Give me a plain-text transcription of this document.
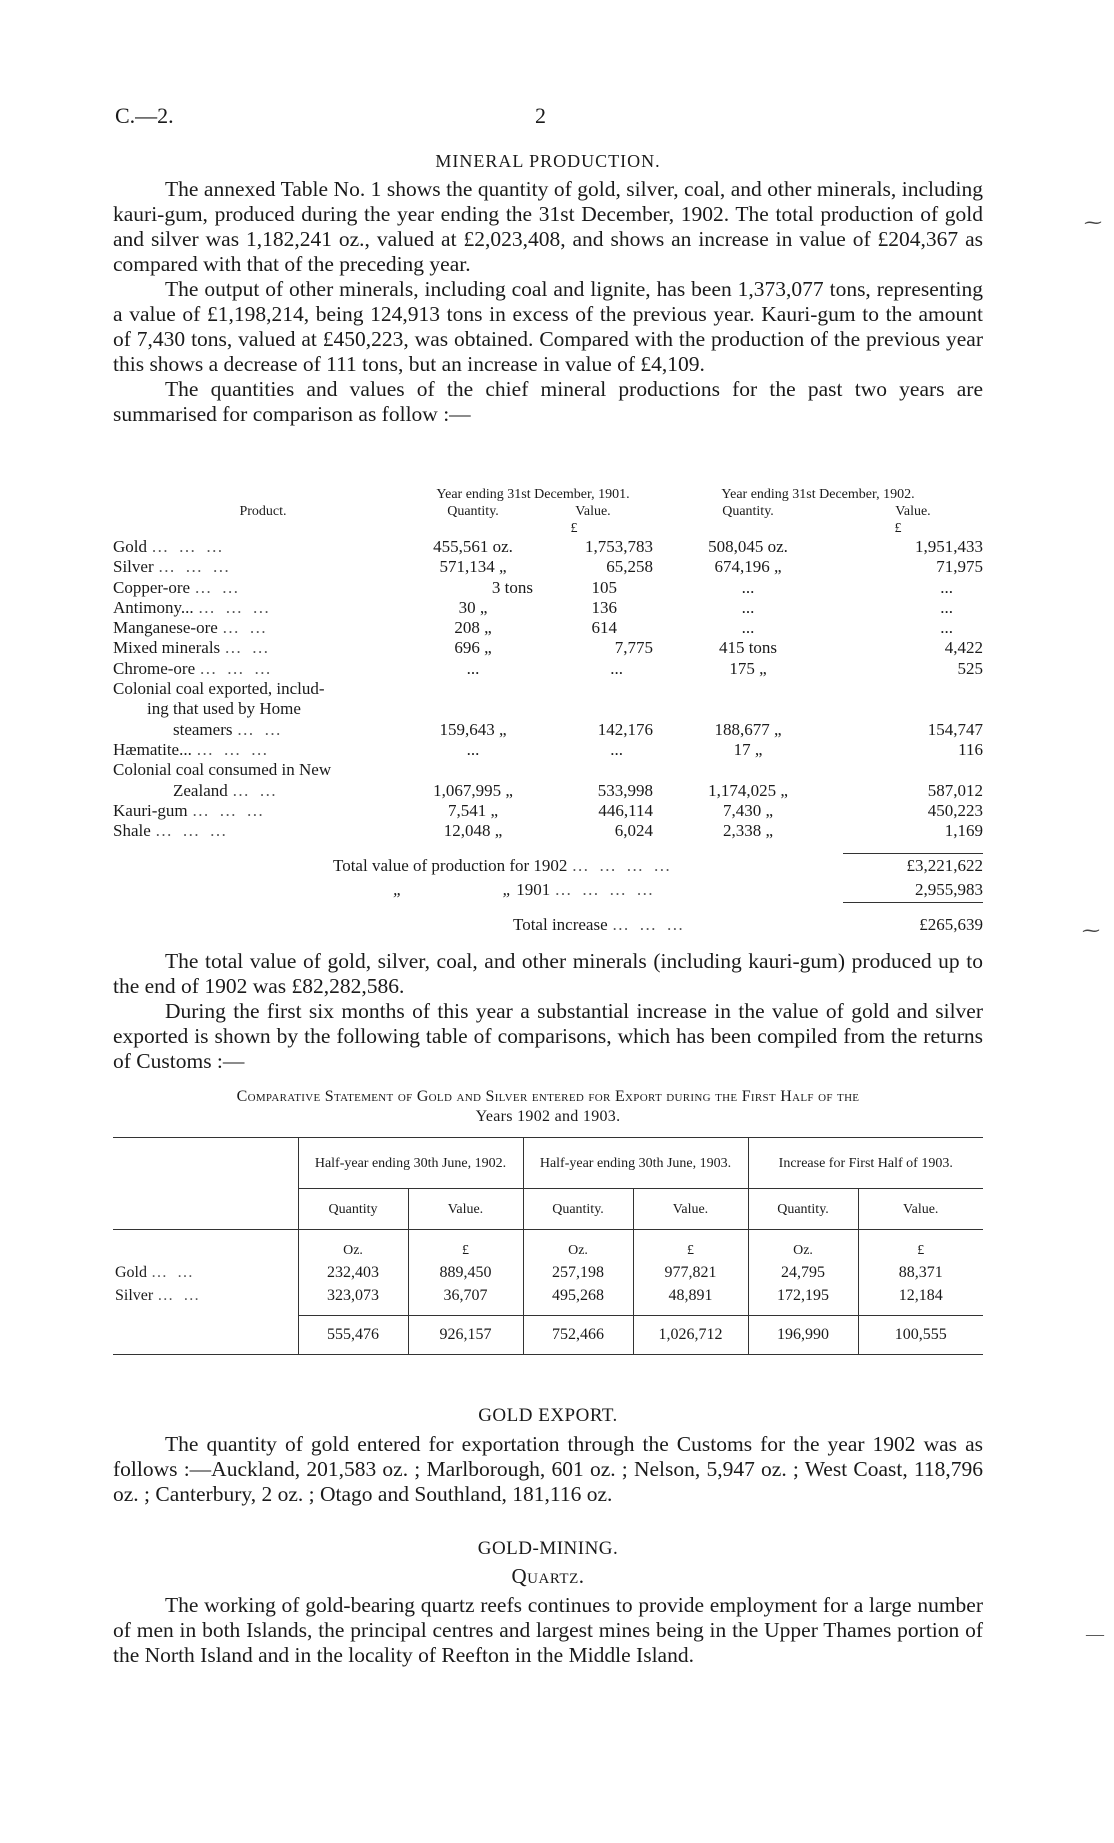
C.—2.	2
MINERAL PRODUCTION.

The annexed Table No. 1 shows the quantity of gold, silver, coal, and other minerals, including kauri-gum, produced during the year ending the 31st December, 1902. The total production of gold and silver was 1,182,241 oz., valued at £2,023,408, and shows an increase in value of £204,367 as compared with that of the preceding year.

The output of other minerals, including coal and lignite, has been 1,373,077 tons, representing a value of £1,198,214, being 124,913 tons in excess of the previous year. Kauri-gum to the amount of 7,430 tons, valued at £450,223, was obtained. Compared with the production of the previous year this shows a decrease of 111 tons, but an increase in value of £4,109.

The quantities and values of the chief mineral productions for the past two years are summarised for comparison as follow :—

	Year ending 31st December, 1901.		Year ending 31st December, 1902.	
Product.	Quantity.	Value.	Quantity.	Value.
		£		£
Gold … … …	455,561 oz.	1,753,783	508,045 oz.	1,951,433
Silver … … …	571,134 „	65,258	674,196 „	71,975
Copper-ore … …	3 tons	105	...	...
Antimony... … … …	30 „	136	...	...
Manganese-ore … …	208 „	614	...	...
Mixed minerals … …	696 „	7,775	415 tons	4,422
Chrome-ore … … …	...	...	175 „	525
Colonial coal exported, includ-				
ing that used by Home				
steamers … …	159,643 „	142,176	188,677 „	154,747
Hæmatite... … … …	...	...	17 „	116
Colonial coal consumed in New				
Zealand … …	1,067,995 „	533,998	1,174,025 „	587,012
Kauri-gum … … …	7,541 „	446,114	7,430 „	450,223
Shale … … …	12,048 „	6,024	2,338 „	1,169
Total value of production for 1902 … … … …	£3,221,622
„ „ 1901 … … … …	2,955,983

Total increase … … …	£265,639

The total value of gold, silver, coal, and other minerals (including kauri-gum) produced up to the end of 1902 was £82,282,586.

During the first six months of this year a substantial increase in the value of gold and silver exported is shown by the following table of comparisons, which has been compiled from the returns of Customs :—

Comparative Statement of Gold and Silver entered for Export during the First Half of the
Years 1902 and 1903.
	Half-year ending 30th June, 1902.		Half-year ending 30th June, 1903.		Increase for First Half of 1903.	
	Quantity	Value.	Quantity.	Value.	Quantity.	Value.
	Oz.	£	Oz.	£	Oz.	£
Gold … …	232,403	889,450	257,198	977,821	24,795	88,371
Silver … …	323,073	36,707	495,268	48,891	172,195	12,184
	555,476	926,157	752,466	1,026,712	196,990	100,555
GOLD EXPORT.

The quantity of gold entered for exportation through the Customs for the year 1902 was as follows :—Auckland, 201,583 oz. ; Marlborough, 601 oz. ; Nelson, 5,947 oz. ; West Coast, 118,796 oz. ; Canterbury, 2 oz. ; Otago and Southland, 181,116 oz.

GOLD-MINING.
Quartz.

The working of gold-bearing quartz reefs continues to provide employment for a large number of men in both Islands, the principal centres and largest mines being in the Upper Thames portion of the North Island and in the locality of Reefton in the Middle Island.

⁓
⁓
—
